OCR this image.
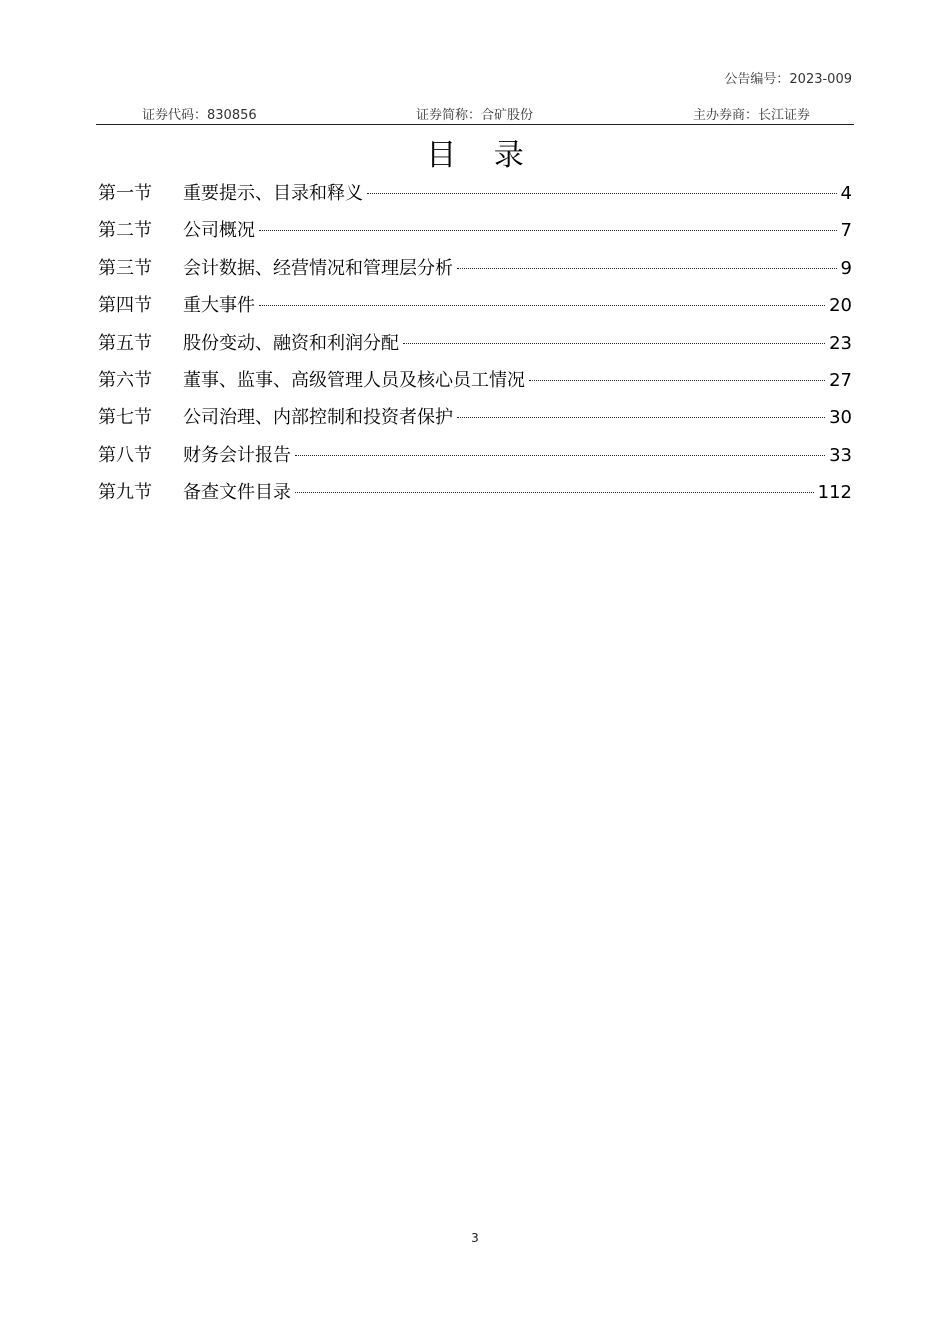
公告编号：2023-009
证券代码：830856	证券简称：合矿股份	主办券商：长江证券
目 录
第一节	重要提示、目录和释义	4
第二节	公司概况	7
第三节	会计数据、经营情况和管理层分析	9
第四节	重大事件	20
第五节	股份变动、融资和利润分配	23
第六节	董事、监事、高级管理人员及核心员工情况	27
第七节	公司治理、内部控制和投资者保护	30
第八节	财务会计报告	33
第九节	备查文件目录	112
3
